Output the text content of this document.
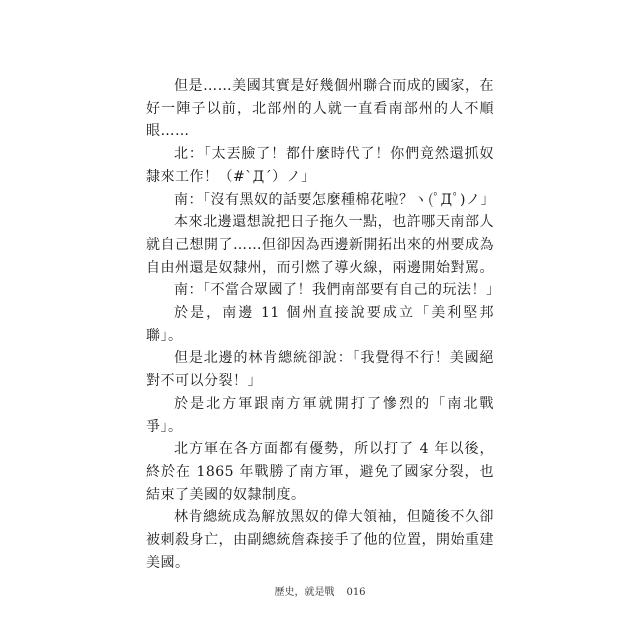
但是……美國其實是好幾個州聯合而成的國家，在好一陣子以前，北部州的人就一直看南部州的人不順眼……

北：「太丟臉了！都什麼時代了！你們竟然還抓奴隸來工作！（#`Д´）ノ」

南：「沒有黑奴的話要怎麼種棉花啦？ヽ(ﾟДﾟ)ノ」

本來北邊還想說把日子拖久一點，也許哪天南部人就自己想開了……但卻因為西邊新開拓出來的州要成為自由州還是奴隸州，而引燃了導火線，兩邊開始對罵。

南：「不當合眾國了！我們南部要有自己的玩法！」

於是，南邊 11 個州直接說要成立「美利堅邦聯」。

但是北邊的林肯總統卻說：「我覺得不行！美國絕對不可以分裂！」

於是北方軍跟南方軍就開打了慘烈的「南北戰爭」。

北方軍在各方面都有優勢，所以打了 4 年以後，終於在 1865 年戰勝了南方軍，避免了國家分裂，也結束了美國的奴隸制度。

林肯總統成為解放黑奴的偉大領袖，但隨後不久卻被刺殺身亡，由副總統詹森接手了他的位置，開始重建美國。

歷史，就是戰 016
